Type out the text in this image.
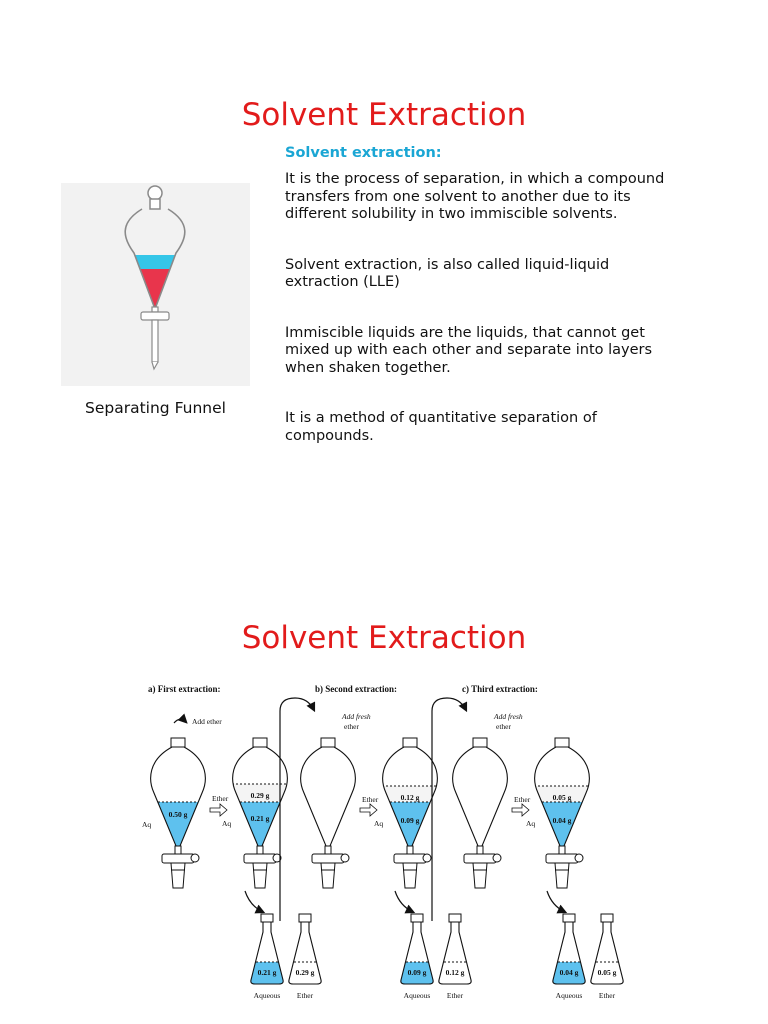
Solvent Extraction
Separating Funnel

Solvent extraction:

It is the process of separation, in which a compound transfers from one solvent to another due to its different solubility in two immiscible solvents.

Solvent extraction, is also called liquid-liquid extraction (LLE)

Immiscible liquids are the liquids, that cannot get mixed up with each other and separate into layers when shaken together.

It is a method of quantitative separation of compounds.

Solvent Extraction
a) First extraction:
Add ether
0.50 g
Aq
0.29 g
0.21 g
Ether
Aq
0.21 g
Aqueous
0.29 g
Ether
b) Second extraction:
Add fresh
ether
0.12 g
0.09 g
Ether
Aq
0.09 g
Aqueous
0.12 g
Ether
c) Third extraction:
Add fresh
ether
0.05 g
0.04 g
Ether
Aq
0.04 g
Aqueous
0.05 g
Ether
